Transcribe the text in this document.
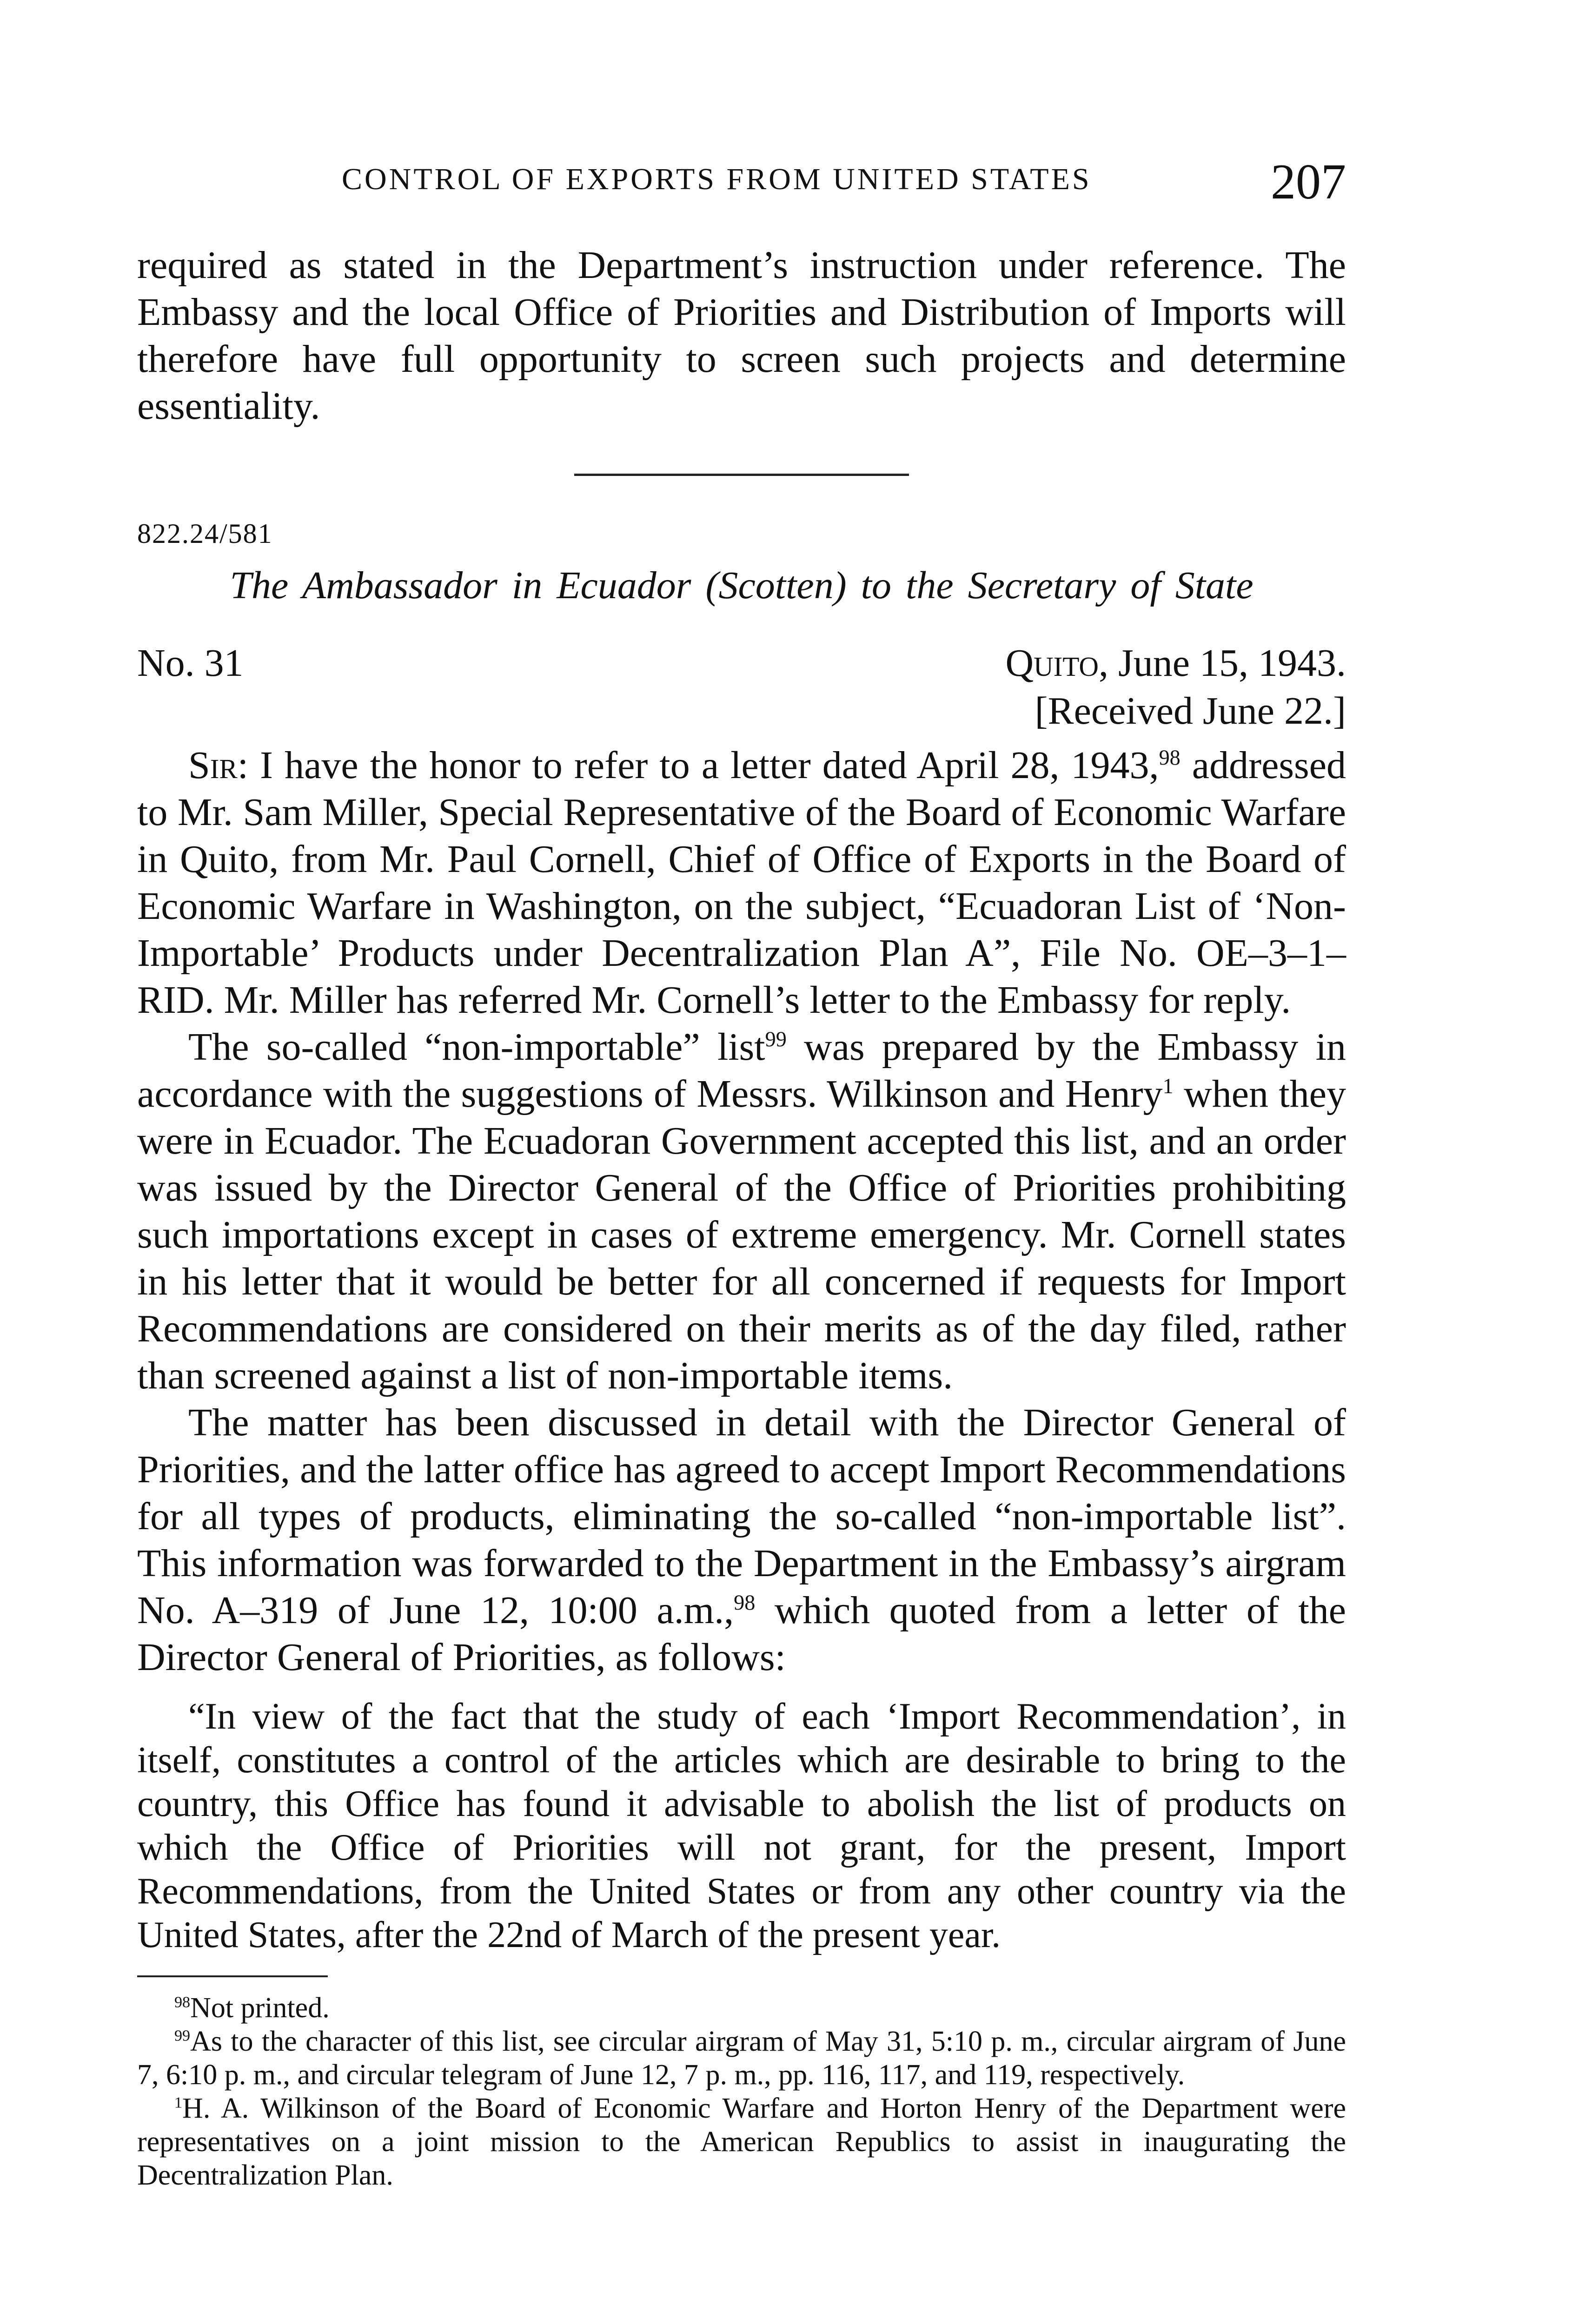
CONTROL OF EXPORTS FROM UNITED STATES	207

required as stated in the Department’s instruction under reference. The Embassy and the local Office of Priorities and Distribution of Imports will therefore have full opportunity to screen such projects and determine essentiality.

822.24/581
The Ambassador in Ecuador (Scotten) to the Secretary of State
No. 31	Quito, June 15, 1943.
[Received June 22.]

Sir: I have the honor to refer to a letter dated April 28, 1943,98 addressed to Mr. Sam Miller, Special Representative of the Board of Economic Warfare in Quito, from Mr. Paul Cornell, Chief of Office of Exports in the Board of Economic Warfare in Washington, on the subject, “Ecuadoran List of ‘Non-Importable’ Products under Decentralization Plan A”, File No. OE–3–1–RID. Mr. Miller has referred Mr. Cornell’s letter to the Embassy for reply.

The so-called “non-importable” list$^{99}$ was prepared by the Embassy in accordance with the suggestions of Messrs. Wilkinson and Henry$^1$ when they were in Ecuador. The Ecuadoran Government accepted this list, and an order was issued by the Director General of the Office of Priorities prohibiting such importations except in cases of extreme emergency. Mr. Cornell states in his letter that it would be better for all concerned if requests for Import Recommendations are considered on their merits as of the day filed, rather than screened against a list of non-importable items.

The matter has been discussed in detail with the Director General of Priorities, and the latter office has agreed to accept Import Recommendations for all types of products, eliminating the so-called “non-importable list”. This information was forwarded to the Department in the Embassy’s airgram No. A–319 of June 12, 10:00 a.m.,$^{98}$ which quoted from a letter of the Director General of Priorities, as follows:

“In view of the fact that the study of each ‘Import Recommendation’, in itself, constitutes a control of the articles which are desirable to bring to the country, this Office has found it advisable to abolish the list of products on which the Office of Priorities will not grant, for the present, Import Recommendations, from the United States or from any other country via the United States, after the 22nd of March of the present year.

$^{98}$Not printed.

$^{99}$As to the character of this list, see circular airgram of May 31, 5:10 p. m., circular airgram of June 7, 6:10 p. m., and circular telegram of June 12, 7 p. m., pp. 116, 117, and 119, respectively.

$^1$H. A. Wilkinson of the Board of Economic Warfare and Horton Henry of the Department were representatives on a joint mission to the American Republics to assist in inaugurating the Decentralization Plan.
